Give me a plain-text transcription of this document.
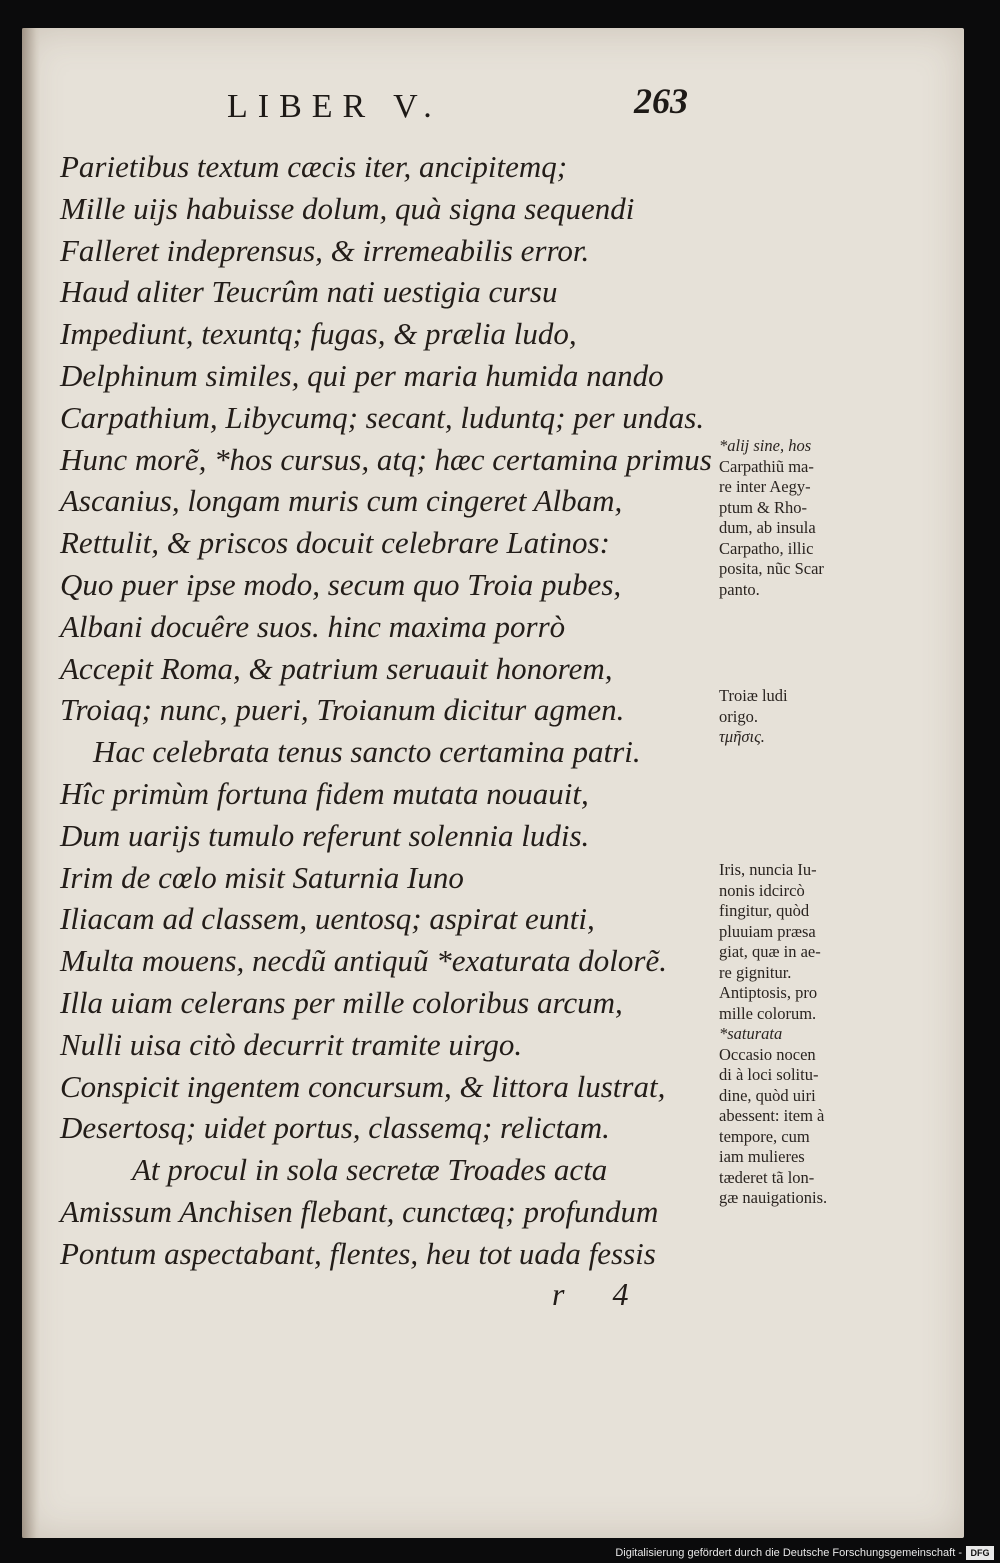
LIBER V.	263
Parietibus textum cæcis iter, ancipitemq;
Mille uijs habuisse dolum, quà signa sequendi
Falleret indeprensus, & irremeabilis error.
Haud aliter Teucrûm nati uestigia cursu
Impediunt, texuntq; fugas, & prælia ludo,
Delphinum similes, qui per maria humida nando
Carpathium, Libycumq; secant, luduntq; per undas.
Hunc morẽ, *hos cursus, atq; hæc certamina primus
Ascanius, longam muris cum cingeret Albam,
Rettulit, & priscos docuit celebrare Latinos:
Quo puer ipse modo, secum quo Troia pubes,
Albani docuêre suos. hinc maxima porrò
Accepit Roma, & patrium seruauit honorem,
Troiaq; nunc, pueri, Troianum dicitur agmen.
Hac celebrata tenus sancto certamina patri.
Hîc primùm fortuna fidem mutata nouauit,
Dum uarijs tumulo referunt solennia ludis.
Irim de cœlo misit Saturnia Iuno
Iliacam ad classem, uentosq; aspirat eunti,
Multa mouens, necdũ antiquũ *exaturata dolorẽ.
Illa uiam celerans per mille coloribus arcum,
Nulli uisa citò decurrit tramite uirgo.
Conspicit ingentem concursum, & littora lustrat,
Desertosq; uidet portus, classemq; relictam.
At procul in sola secretæ Troades acta
Amissum Anchisen flebant, cunctæq; profundum
Pontum aspectabant, flentes, heu tot uada fessis
*alij sine, hos
Carpathiũ ma-
re inter Aegy-
ptum & Rho-
dum, ab insula
Carpatho, illic
posita, nũc Scar
panto.
Troiæ ludi
origo.
τμῆσις.
Iris, nuncia Iu-
nonis idcircò
fingitur, quòd
pluuiam præsa
giat, quæ in ae-
re gignitur.
Antiptosis, pro
mille colorum.
*saturata
Occasio nocen
di à loci solitu-
dine, quòd uiri
abessent: item à
tempore, cum
iam mulieres
tæderet tã lon-
gæ nauigationis.
r 4
Digitalisierung gefördert durch die Deutsche Forschungsgemeinschaft - DFG
